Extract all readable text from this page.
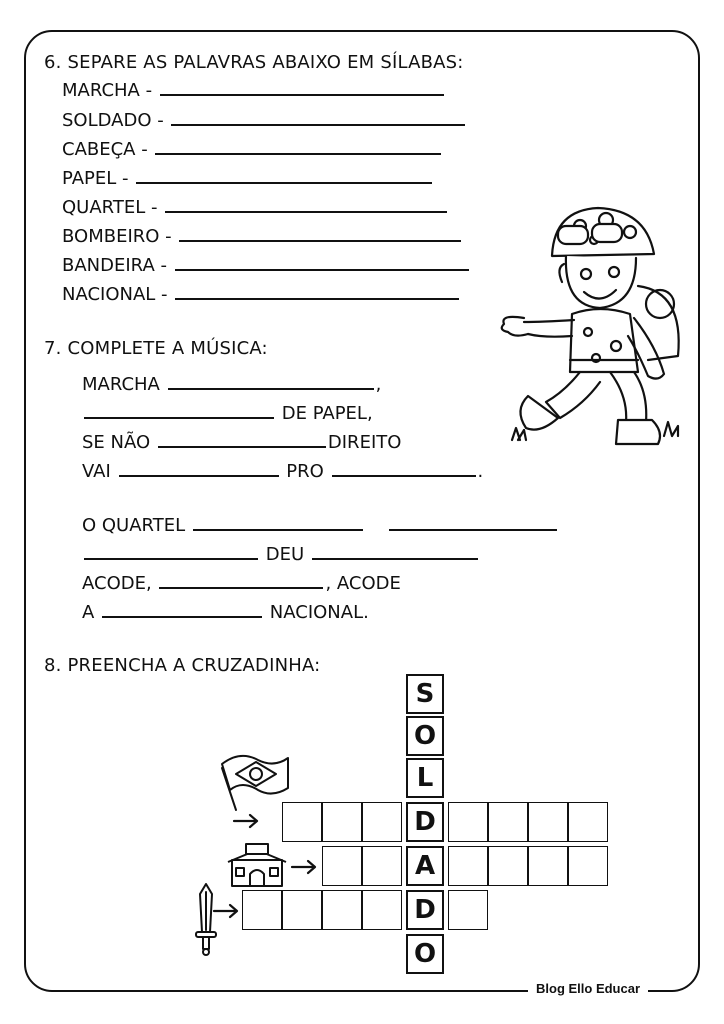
Blog Ello Educar
6. SEPARE AS PALAVRAS ABAIXO EM SÍLABAS:
MARCHA -
SOLDADO -
CABEÇA -
PAPEL -
QUARTEL -
BOMBEIRO -
BANDEIRA -
NACIONAL -
7. COMPLETE A MÚSICA:
MARCHA	,
DE PAPEL,
SE NÃO	DIREITO
VAI	PRO	.
O QUARTEL
DEU
ACODE,	, ACODE
A	NACIONAL.
8. PREENCHA A CRUZADINHA:
S
O
L
D
A
D
O
